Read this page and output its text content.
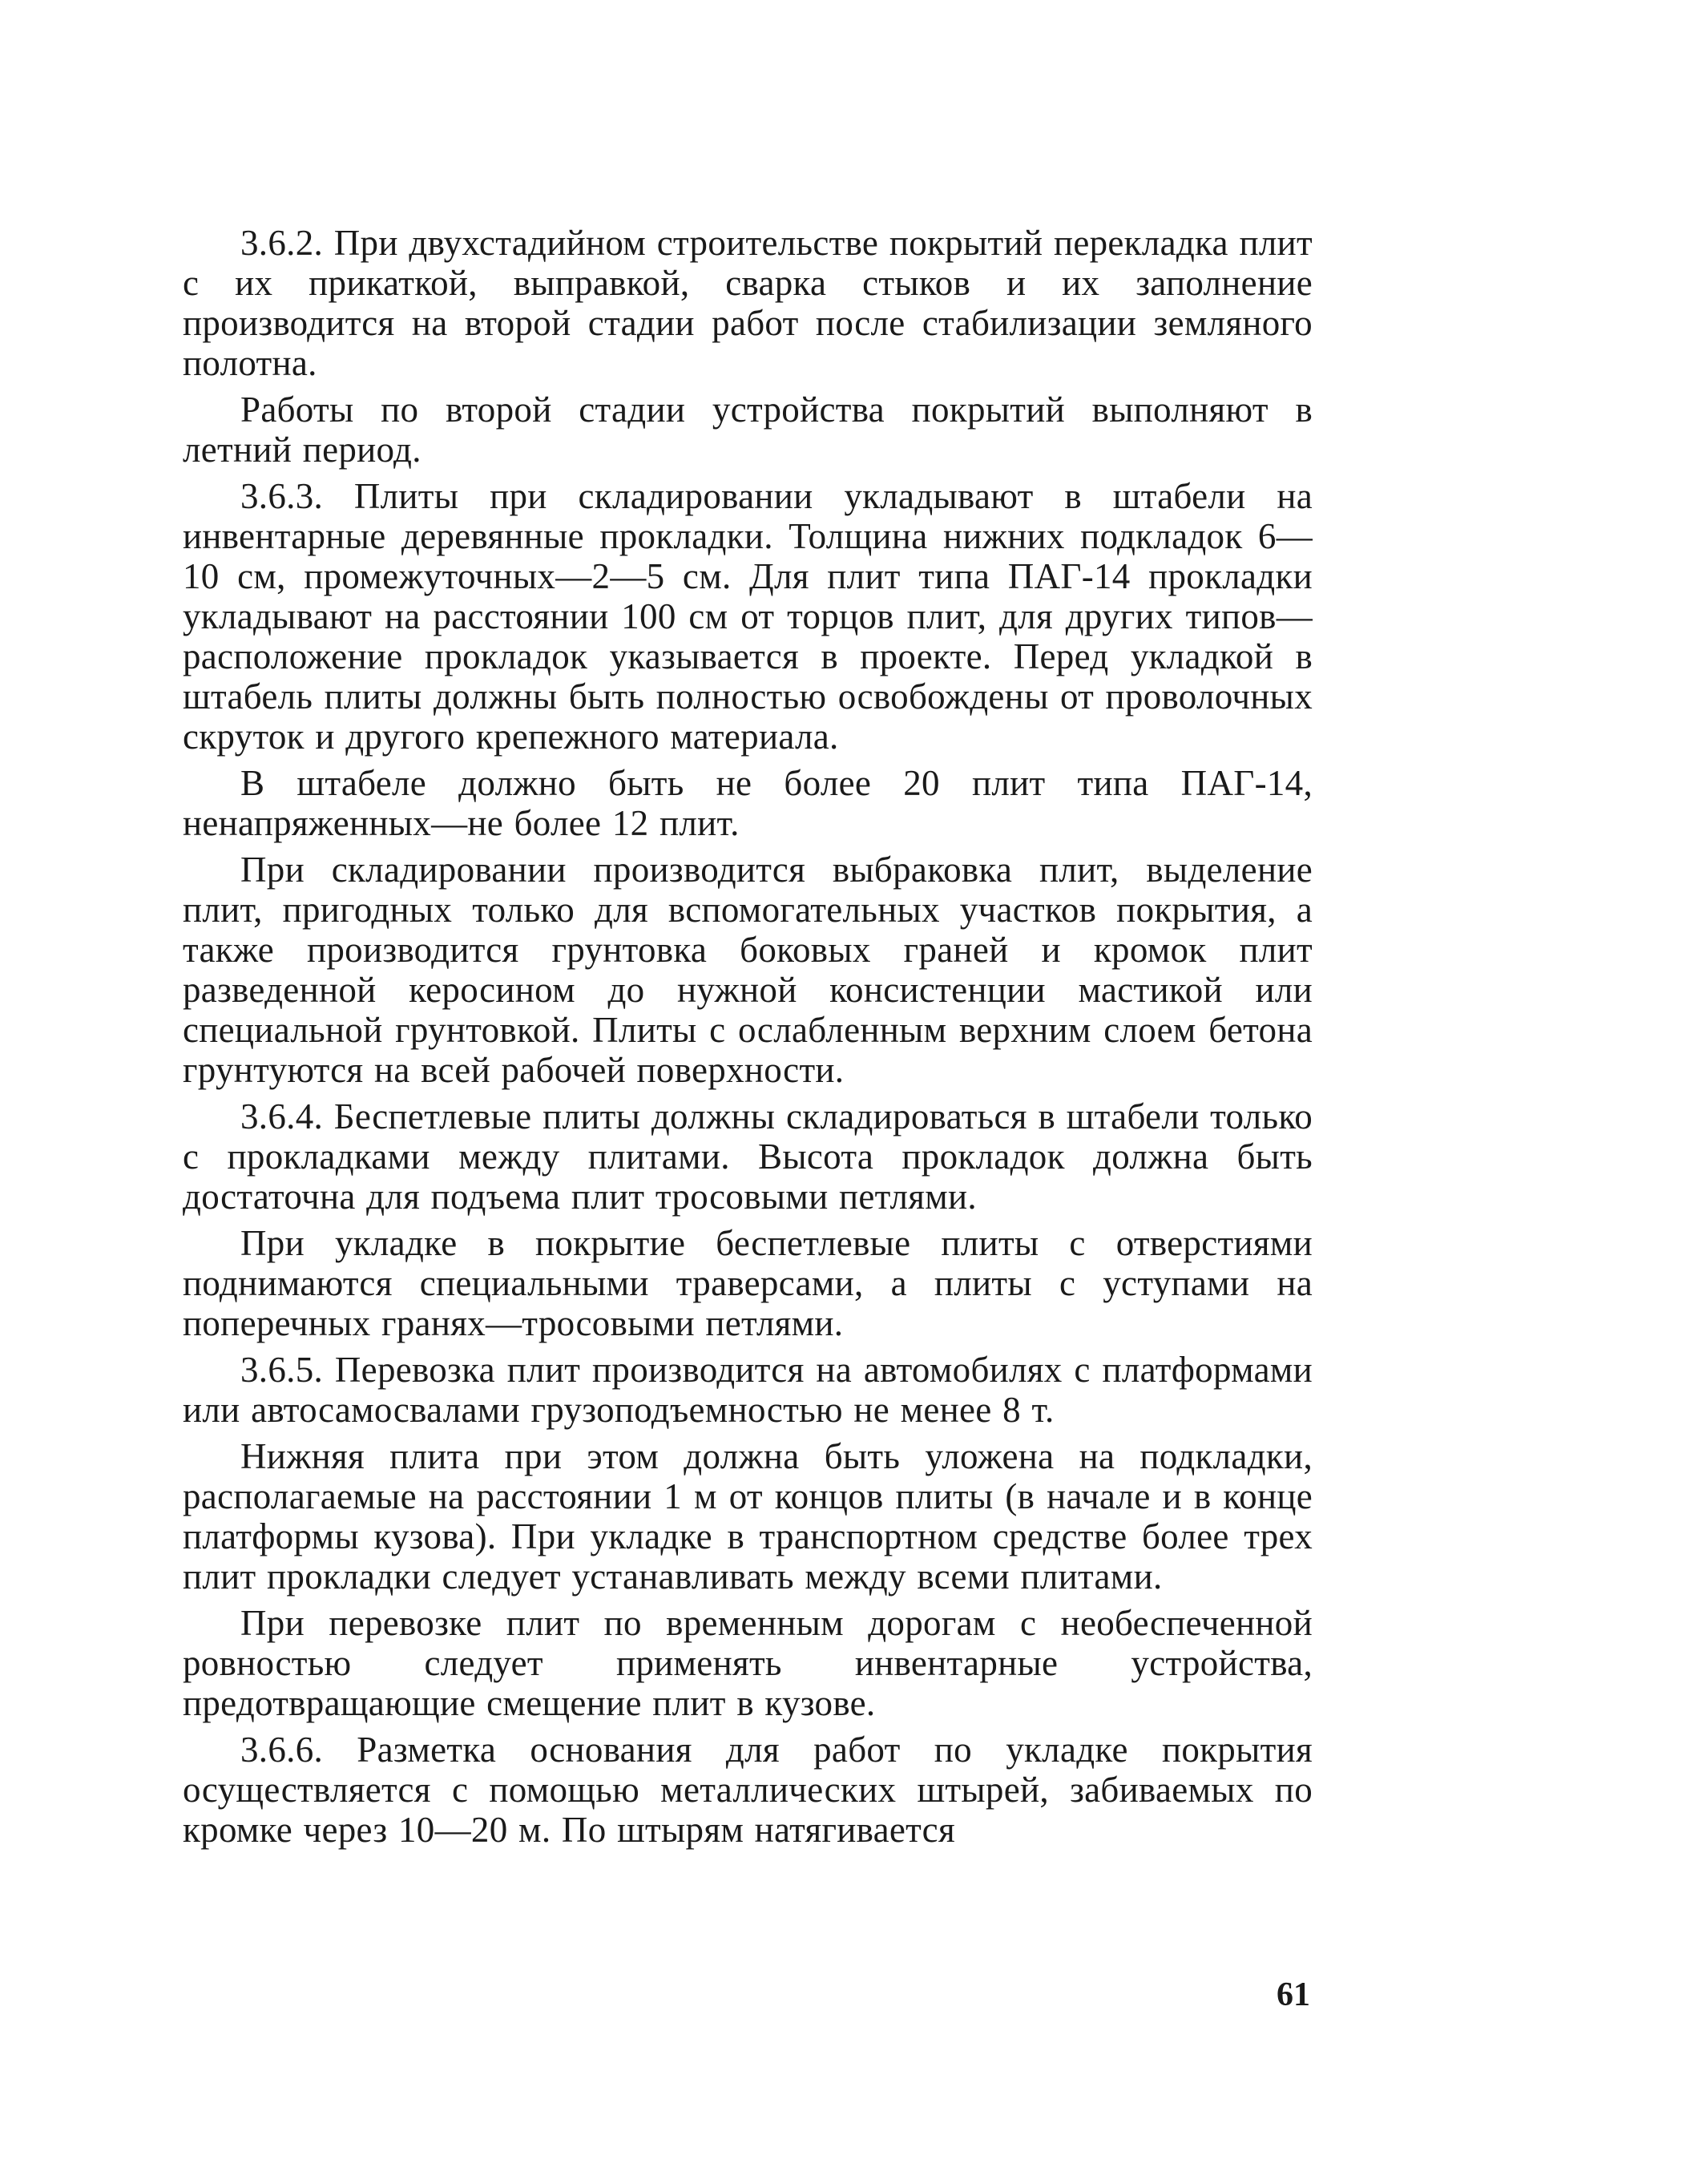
3.6.2. При двухстадийном строительстве покрытий перекладка плит с их прикаткой, выправкой, сварка стыков и их заполнение производится на второй стадии работ после стабилизации земляного полотна.

Работы по второй стадии устройства покрытий выполняют в летний период.

3.6.3. Плиты при складировании укладывают в штабели на инвентарные деревянные прокладки. Толщина нижних подкладок 6—10 см, промежуточных—2—5 см. Для плит типа ПАГ-14 прокладки укладывают на расстоянии 100 см от торцов плит, для других типов—расположение прокладок указывается в проекте. Перед укладкой в штабель плиты должны быть полностью освобождены от проволочных скруток и другого крепежного материала.

В штабеле должно быть не более 20 плит типа ПАГ-14, ненапряженных—не более 12 плит.

При складировании производится выбраковка плит, выделение плит, пригодных только для вспомогательных участков покрытия, а также производится грунтовка боковых граней и кромок плит разведенной керосином до нужной консистенции мастикой или специальной грунтовкой. Плиты с ослабленным верхним слоем бетона грунтуются на всей рабочей поверхности.

3.6.4. Беспетлевые плиты должны складироваться в штабели только с прокладками между плитами. Высота прокладок должна быть достаточна для подъема плит тросовыми петлями.

При укладке в покрытие беспетлевые плиты с отверстиями поднимаются специальными траверсами, а плиты с уступами на поперечных гранях—тросовыми петлями.

3.6.5. Перевозка плит производится на автомобилях с платформами или автосамосвалами грузоподъемностью не менее 8 т.

Нижняя плита при этом должна быть уложена на подкладки, располагаемые на расстоянии 1 м от концов плиты (в начале и в конце платформы кузова). При укладке в транспортном средстве более трех плит прокладки следует устанавливать между всеми плитами.

При перевозке плит по временным дорогам с необеспеченной ровностью следует применять инвентарные устройства, предотвращающие смещение плит в кузове.

3.6.6. Разметка основания для работ по укладке покрытия осуществляется с помощью металлических штырей, забиваемых по кромке через 10—20 м. По штырям натягивается

61
